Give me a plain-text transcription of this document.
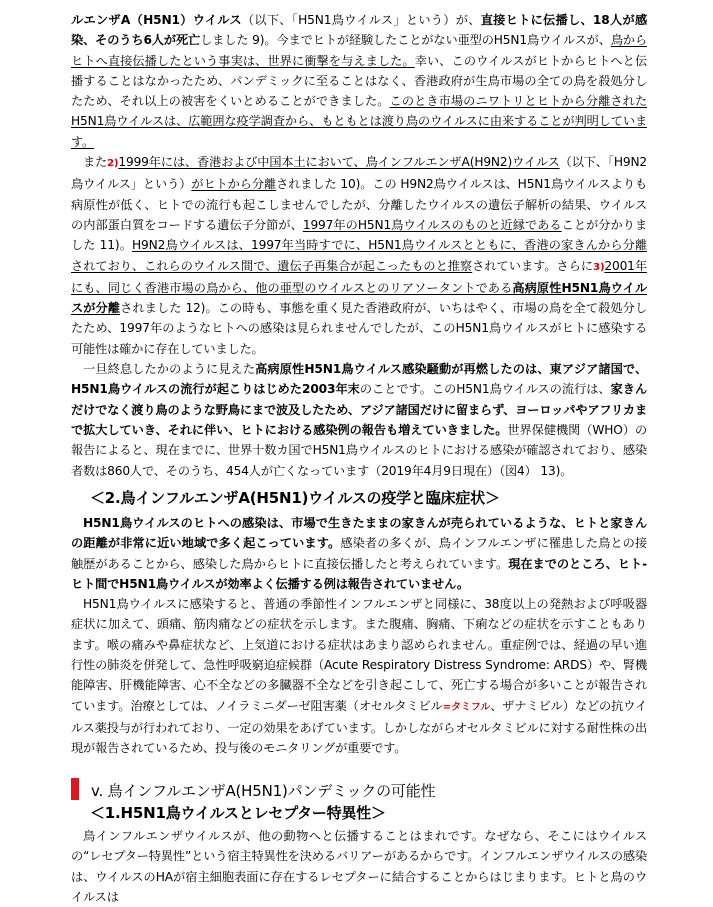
ルエンザA（H5N1）ウイルス（以下、「H5N1鳥ウイルス」という）が、直接ヒトに伝播し、18人が感染、そのうち6人が死亡しました 9)。今までヒトが経験したことがない亜型のH5N1鳥ウイルスが、鳥からヒトへ直接伝播したという事実は、世界に衝撃を与えました。幸い、このウイルスがヒトからヒトへと伝播することはなかったため、パンデミックに至ることはなく、香港政府が生鳥市場の全ての鳥を殺処分したため、それ以上の被害をくいとめることができました。このとき市場のニワトリとヒトから分離されたH5N1鳥ウイルスは、広範囲な疫学調査から、もともとは渡り鳥のウイルスに由来することが判明しています。

また2)1999年には、香港および中国本土において、鳥インフルエンザA(H9N2)ウイルス（以下、「H9N2鳥ウイルス」という）がヒトから分離されました 10)。この H9N2鳥ウイルスは、H5N1鳥ウイルスよりも病原性が低く、ヒトでの流行も起こしませんでしたが、分離したウイルスの遺伝子解析の結果、ウイルスの内部蛋白質をコードする遺伝子分節が、1997年のH5N1鳥ウイルスのものと近縁であることが分かりました 11)。H9N2鳥ウイルスは、1997年当時すでに、H5N1鳥ウイルスとともに、香港の家きんから分離されており、これらのウイルス間で、遺伝子再集合が起こったものと推察されています。さらに3)2001年にも、同じく香港市場の鳥から、他の亜型のウイルスとのリアソータントである高病原性H5N1鳥ウイルスが分離されました 12)。この時も、事態を重く見た香港政府が、いちはやく、市場の鳥を全て殺処分したため、1997年のようなヒトへの感染は見られませんでしたが、このH5N1鳥ウイルスがヒトに感染する可能性は確かに存在していました。

一旦終息したかのように見えた高病原性H5N1鳥ウイルス感染騒動が再燃したのは、東アジア諸国で、H5N1鳥ウイルスの流行が起こりはじめた2003年末のことです。このH5N1鳥ウイルスの流行は、家きんだけでなく渡り鳥のような野鳥にまで波及したため、アジア諸国だけに留まらず、ヨーロッパやアフリカまで拡大していき、それに伴い、ヒトにおける感染例の報告も増えていきました。世界保健機関（WHO）の報告によると、現在までに、世界十数カ国でH5N1鳥ウイルスのヒトにおける感染が確認されており、感染者数は860人で、そのうち、454人が亡くなっています（2019年4月9日現在）（図4） 13)。

＜2.鳥インフルエンザA(H5N1)ウイルスの疫学と臨床症状＞

H5N1鳥ウイルスのヒトへの感染は、市場で生きたままの家きんが売られているような、ヒトと家きんの距離が非常に近い地域で多く起こっています。感染者の多くが、鳥インフルエンザに罹患した鳥との接触歴があることから、感染した鳥からヒトに直接伝播したと考えられています。現在までのところ、ヒト-ヒト間でH5N1鳥ウイルスが効率よく伝播する例は報告されていません。

H5N1鳥ウイルスに感染すると、普通の季節性インフルエンザと同様に、38度以上の発熱および呼吸器症状に加えて、頭痛、筋肉痛などの症状を示します。また腹痛、胸痛、下痢などの症状を示すこともあります。喉の痛みや鼻症状など、上気道における症状はあまり認められません。重症例では、経過の早い進行性の肺炎を併発して、急性呼吸窮迫症候群（Acute Respiratory Distress Syndrome: ARDS）や、腎機能障害、肝機能障害、心不全などの多臓器不全などを引き起こして、死亡する場合が多いことが報告されています。治療としては、ノイラミニダーゼ阻害薬（オセルタミビル=タミフル、ザナミビル）などの抗ウイルス薬投与が行われており、一定の効果をあげています。しかしながらオセルタミビルに対する耐性株の出現が報告されているため、投与後のモニタリングが重要です。

v. 鳥インフルエンザA(H5N1)パンデミックの可能性
＜1.H5N1鳥ウイルスとレセプター特異性＞

鳥インフルエンザウイルスが、他の動物へと伝播することはまれです。なぜなら、そこにはウイルスの“レセプター特異性”という宿主特異性を決めるバリアーがあるからです。インフルエンザウイルスの感染は、ウイルスのHAが宿主細胞表面に存在するレセプターに結合することからはじまります。ヒトと鳥のウイルスは
